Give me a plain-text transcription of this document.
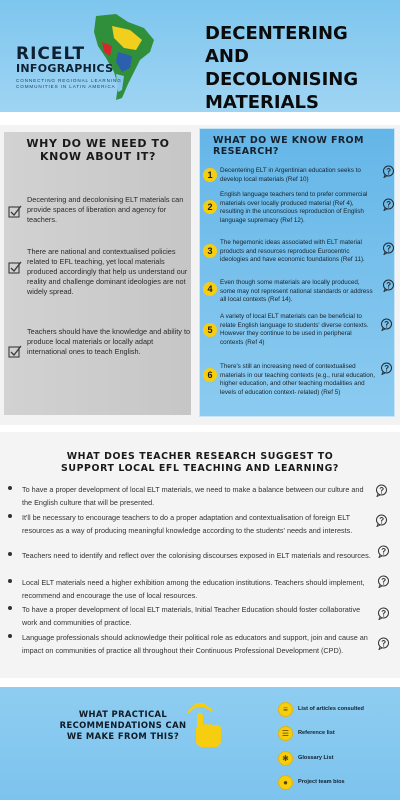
RICELT
INFOGRAPHICS
CONNECTING REGIONAL LEARNING COMMUNITIES IN LATIN AMERICA
DECENTERING AND DECOLONISING MATERIALS
WHY DO WE NEED TO KNOW ABOUT IT?
Decentering and decolonising ELT materials can provide spaces of liberation and agency for teachers.
There are national and contextualised policies related to EFL teaching, yet local materials produced accordingly that help us understand our reality and challenge dominant ideologies are not widely spread.
Teachers should have the knowledge and ability to produce local materials or locally adapt international ones to teach English.
WHAT DO WE KNOW FROM RESEARCH?
1	Decentering ELT in Argentinian education seeks to develop local materials (Ref 10)
2
English language teachers tend to prefer commercial materials over locally produced material (Ref 4), resulting in the unconscious reproduction of English language supremacy (Ref 12).
3
The hegemonic ideas associated with ELT material products and resources reproduce Eurocentric ideologies and have economic foundations (Ref 11).
4
Even though some materials are locally produced, some may not represent national standards or address all local contexts (Ref 14).
5
A variety of local ELT materials can be beneficial to relate English language to students' diverse contexts. However they continue to be used in peripheral contexts (Ref 4)
6
There's still an increasing need of contextualised materials in our teaching contexts (e.g., rural education, higher education, and other teaching modalities and levels of education context- related) (Ref 5)
WHAT DOES TEACHER RESEARCH SUGGEST TO SUPPORT LOCAL EFL TEACHING AND LEARNING?
To have a proper development of local ELT materials, we need to make a balance between our culture and the English culture that will be presented.
It'll be necessary to encourage teachers to do a proper adaptation and contextualisation of foreign ELT resources as a way of producing meaningful knowledge according to the students' needs and interests.
Teachers need to identify and reflect over the colonising discourses exposed in ELT materials and resources.
Local ELT materials need a higher exhibition among the education institutions. Teachers should implement, recommend and encourage the use of local resources.
To have a proper development of local ELT materials, Initial Teacher Education should foster collaborative work and communities of practice.
Language professionals should acknowledge their political role as educators and support, join and cause an impact on communities of practice all throughout their Continuous Professional Development (CPD).
WHAT PRACTICAL RECOMMENDATIONS CAN WE MAKE FROM THIS?
≡	List of articles consulted
☰	Reference list
✱	Glossary List
●	Project team bios
